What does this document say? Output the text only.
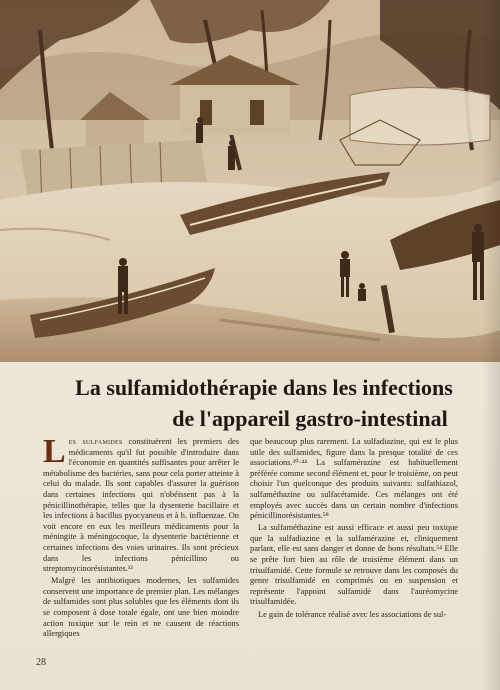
La sulfamidothérapie dans les infections
de l'appareil gastro-intestinal

Les sulfamides constituèrent les premiers des médicaments qu'il fut possible d'introduire dans l'économie en quantités suffisantes pour arrêter le métabolisme des bactéries, sans pour cela porter atteinte à celui du malade. Ils sont capables d'assurer la guérison dans certaines infections qui n'obéissent pas à la pénicillinothérapie, telles que la dysenterie bacillaire et les infections à bacillus pyocyaneus et à h. influenzae. On voit encore en eux les meilleurs médicaments pour la méningite à méningocoque, la dysenterie bactérienne et certaines infections des voies urinaires. Ils sont précieux dans les infections pénicillino ou streptomycinorésistantes.¹²

Malgré les antibiotiques modernes, les sulfamides conservent une importance de premier plan. Les mélanges de sulfamides sont plus solubles que les éléments dont ils se composent à dose totale égale, ont une bien moindre action toxique sur le rein et ne causent de réactions allergiques

que beaucoup plus rarement. La sulfadiazine, qui est le plus utile des sulfamides, figure dans la presque totalité de ces associations.³⁰·⁴⁴ La sulfamérazine est habituellement préférée comme second élément et, pour le troisième, on peut choisir l'un quelconque des produits suivants: sulfathiazol, sulfaméthazine ou sulfacétamide. Ces mélanges ont été employés avec succès dans un certain nombre d'infections pénicillinorésistantes.⁵⁸

La sulfaméthazine est aussi efficace et aussi peu toxique que la sulfadiazine et la sulfamérazine et, cliniquement parlant, elle est sans danger et donne de bons résultats.⁵⁴ Elle se prête fort bien au rôle de troisième élément dans un trisulfamidé. Cette formule se retrouve dans les composés du genre trisulfamidé en comprimés ou en suspension et représente l'appoint sulfamidé dans l'auréomycine trisulfamidée.

Le gain de tolérance réalisé avec les associations de sul-

28
